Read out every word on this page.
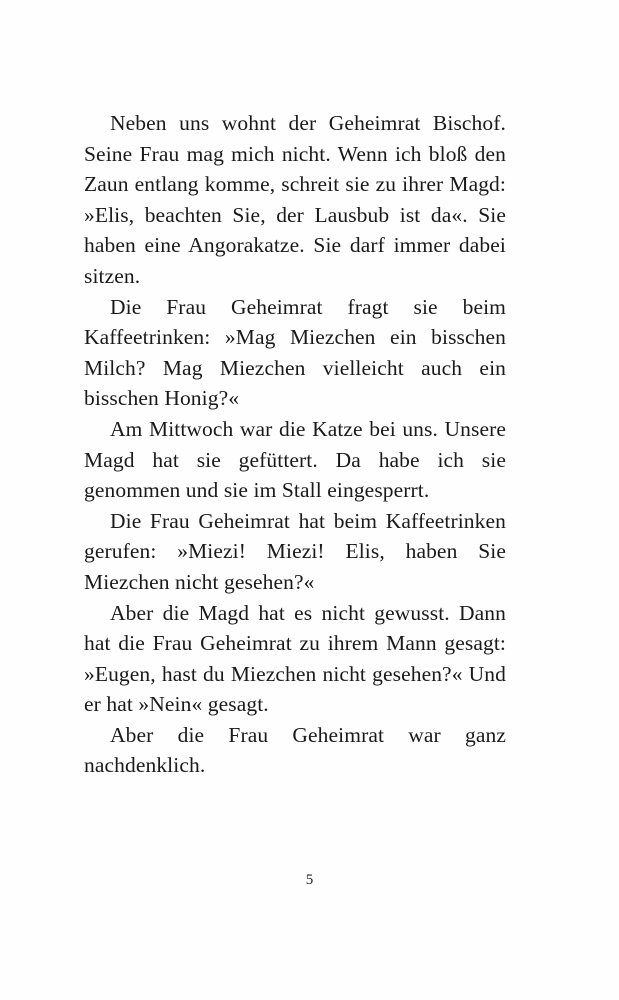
Neben uns wohnt der Geheimrat Bischof. Seine Frau mag mich nicht. Wenn ich bloß den Zaun entlang komme, schreit sie zu ihrer Magd: »Elis, beachten Sie, der Lausbub ist da«. Sie haben eine Angorakatze. Sie darf immer dabei sitzen.

Die Frau Geheimrat fragt sie beim Kaffeetrinken: »Mag Miezchen ein bisschen Milch? Mag Miezchen vielleicht auch ein bisschen Honig?«

Am Mittwoch war die Katze bei uns. Unsere Magd hat sie gefüttert. Da habe ich sie genommen und sie im Stall eingesperrt.

Die Frau Geheimrat hat beim Kaffeetrinken gerufen: »Miezi! Miezi! Elis, haben Sie Miezchen nicht gesehen?«

Aber die Magd hat es nicht gewusst. Dann hat die Frau Geheimrat zu ihrem Mann gesagt: »Eugen, hast du Miezchen nicht gesehen?« Und er hat »Nein« gesagt.

Aber die Frau Geheimrat war ganz nachdenklich.

5
